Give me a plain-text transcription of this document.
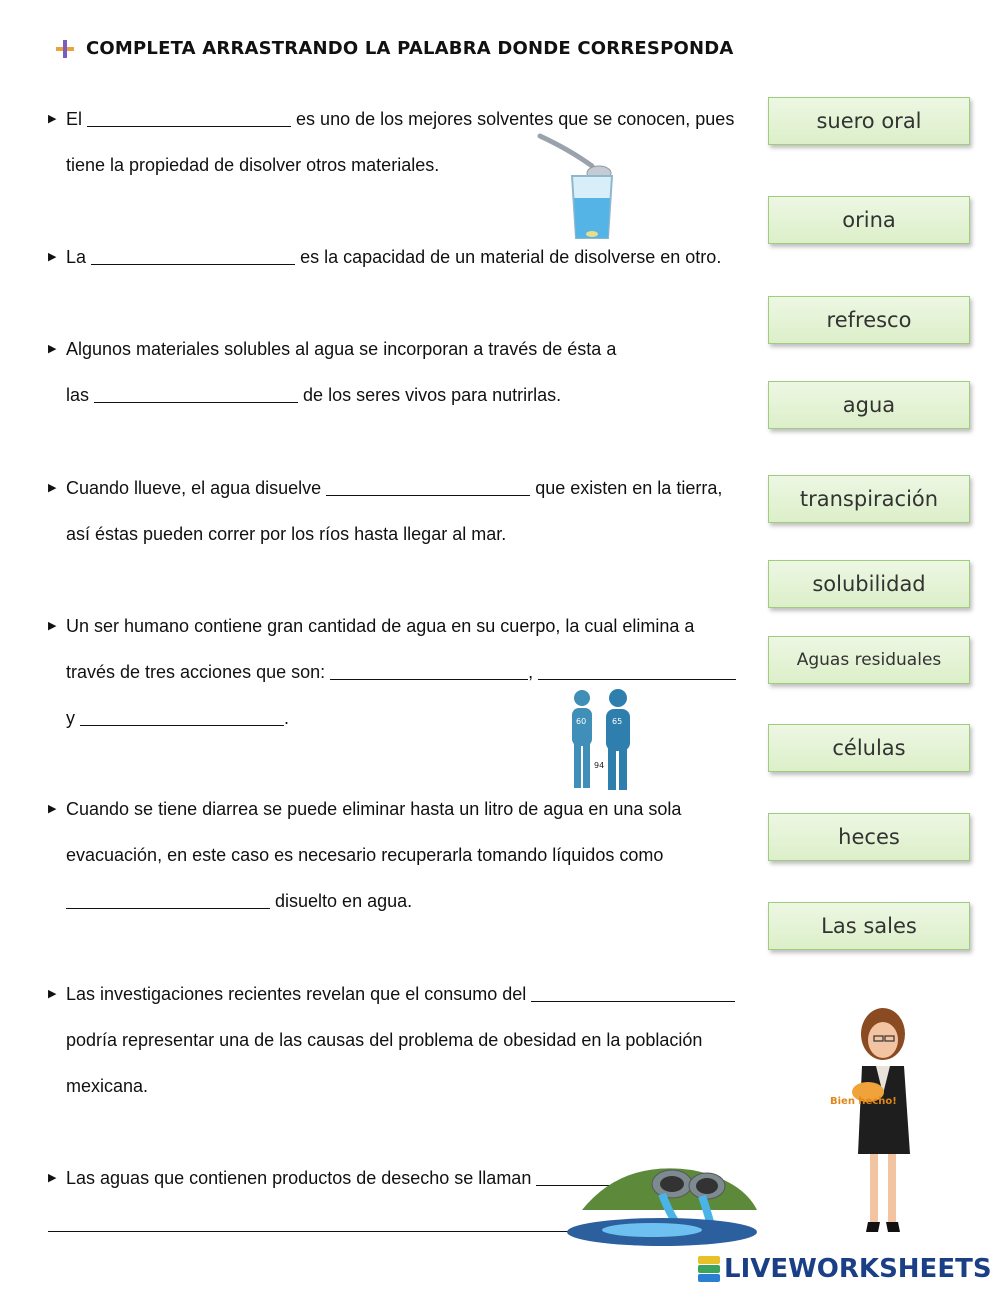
COMPLETA ARRASTRANDO LA PALABRA DONDE CORRESPONDA
▶ El	es uno de los mejores solventes que se conocen, pues
tiene la propiedad de disolver otros materiales.
▶ La	es la capacidad de un material de disolverse en otro.
▶ Algunos materiales solubles al agua se incorporan a través de ésta a
las	de los seres vivos para nutrirlas.
▶ Cuando llueve, el agua disuelve	que existen en la tierra,
así éstas pueden correr por los ríos hasta llegar al mar.
▶ Un ser humano contiene gran cantidad de agua en su cuerpo, la cual elimina a
través de tres acciones que son:	,
y	.
▶ Cuando se tiene diarrea se puede eliminar hasta un litro de agua en una sola
evacuación, en este caso es necesario recuperarla tomando líquidos como
disuelto en agua.
▶ Las investigaciones recientes revelan que el consumo del
podría representar una de las causas del problema de obesidad en la población
mexicana.
▶ Las aguas que contienen productos de desecho se llaman

suero oral
orina
refresco
agua
transpiración
solubilidad
Aguas residuales
células
heces
Las sales
60	65
94
Bien hecho!
LIVEWORKSHEETS
